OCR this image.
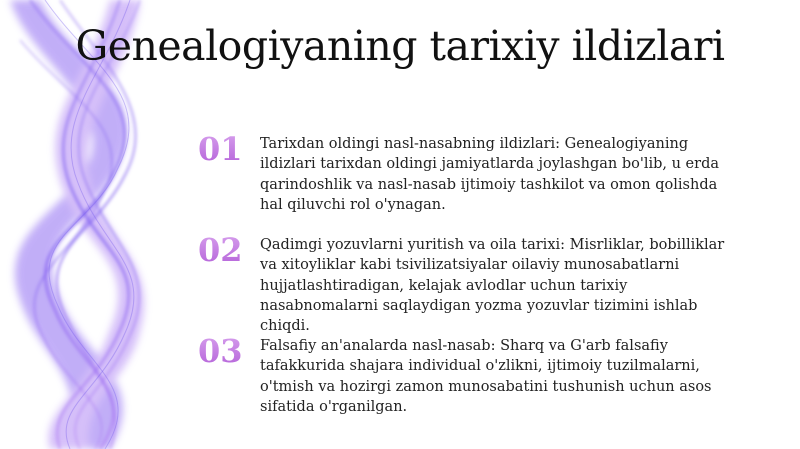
Genealogiyaning tarixiy ildizlari
01	Tarixdan oldingi nasl-nasabning ildizlari: Genealogiyaning ildizlari tarixdan oldingi jamiyatlarda joylashgan bo'lib, u erda qarindoshlik va nasl-nasab ijtimoiy tashkilot va omon qolishda hal qiluvchi rol o'ynagan.
02	Qadimgi yozuvlarni yuritish va oila tarixi: Misrliklar, bobilliklar va xitoyliklar kabi tsivilizatsiyalar oilaviy munosabatlarni hujjatlashtiradigan, kelajak avlodlar uchun tarixiy nasabnomalarni saqlaydigan yozma yozuvlar tizimini ishlab chiqdi.
03	Falsafiy an'analarda nasl-nasab: Sharq va G'arb falsafiy tafakkurida shajara individual o'zlikni, ijtimoiy tuzilmalarni, o'tmish va hozirgi zamon munosabatini tushunish uchun asos sifatida o'rganilgan.
